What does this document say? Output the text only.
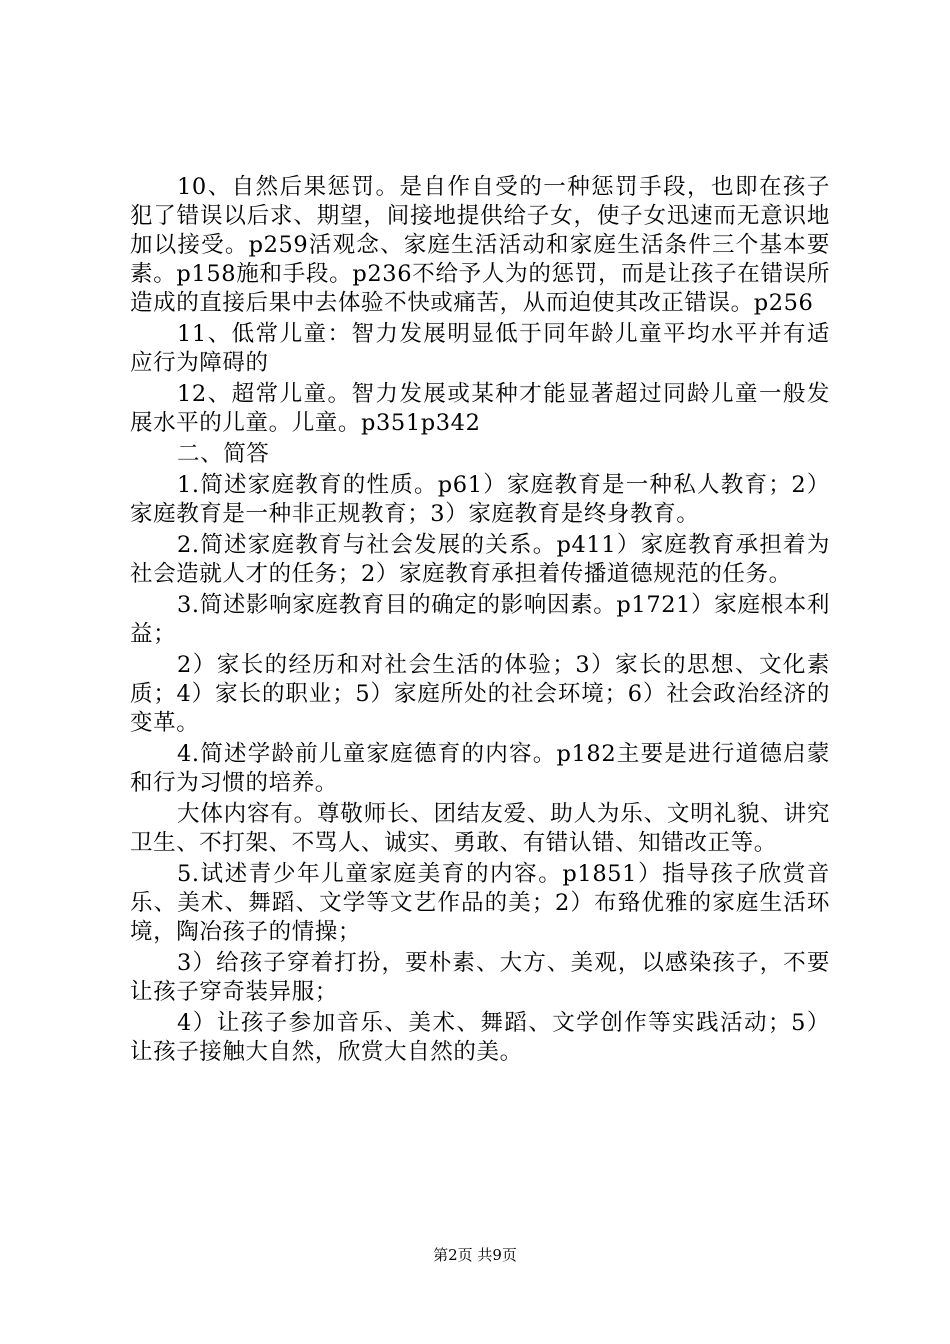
10、自然后果惩罚。是自作自受的一种惩罚手段，也即在孩子犯了错误以后求、期望，间接地提供给子女，使子女迅速而无意识地加以接受。p259活观念、家庭生活活动和家庭生活条件三个基本要素。p158施和手段。p236不给予人为的惩罚，而是让孩子在错误所造成的直接后果中去体验不快或痛苦，从而迫使其改正错误。p256

11、低常儿童：智力发展明显低于同年龄儿童平均水平并有适应行为障碍的

12、超常儿童。智力发展或某种才能显著超过同龄儿童一般发展水平的儿童。儿童。p351p342

二、简答

1.简述家庭教育的性质。p61）家庭教育是一种私人教育；2）家庭教育是一种非正规教育；3）家庭教育是终身教育。

2.简述家庭教育与社会发展的关系。p411）家庭教育承担着为社会造就人才的任务；2）家庭教育承担着传播道德规范的任务。

3.简述影响家庭教育目的确定的影响因素。p1721）家庭根本利益；

2）家长的经历和对社会生活的体验；3）家长的思想、文化素质；4）家长的职业；5）家庭所处的社会环境；6）社会政治经济的变革。

4.简述学龄前儿童家庭德育的内容。p182主要是进行道德启蒙和行为习惯的培养。

大体内容有。尊敬师长、团结友爱、助人为乐、文明礼貌、讲究卫生、不打架、不骂人、诚实、勇敢、有错认错、知错改正等。

5.试述青少年儿童家庭美育的内容。p1851）指导孩子欣赏音乐、美术、舞蹈、文学等文艺作品的美；2）布臵优雅的家庭生活环境，陶冶孩子的情操；

3）给孩子穿着打扮，要朴素、大方、美观，以感染孩子，不要让孩子穿奇装异服；

4）让孩子参加音乐、美术、舞蹈、文学创作等实践活动；5）让孩子接触大自然，欣赏大自然的美。

第2页 共9页
